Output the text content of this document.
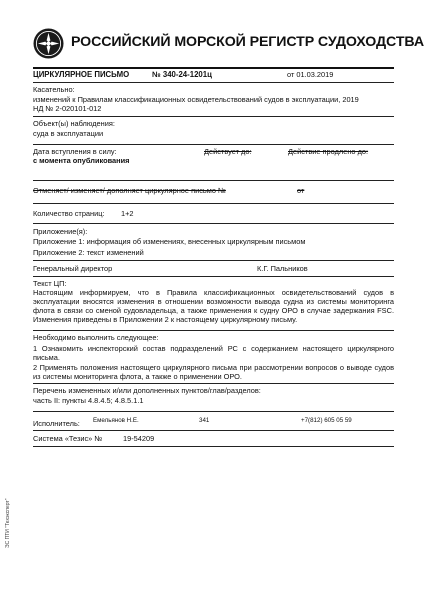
РОССИЙСКИЙ МОРСКОЙ РЕГИСТР СУДОХОДСТВА
ЦИРКУЛЯРНОЕ ПИСЬМО	№ 340-24-1201ц	от 01.03.2019
Касательно:
изменений к Правилам классификационных освидетельствований судов в эксплуатации, 2019
НД № 2-020101-012
Объект(ы) наблюдения:
суда в эксплуатации
Дата вступления в силу:	Действует до:	Действие продлено до:
с момента опубликования
Отменяет/ изменяет/ дополняет циркулярное письмо №	от
Количество страниц: 1+2
Приложение(я):
Приложение 1: информация об изменениях, внесенных циркулярным письмом
Приложение 2: текст изменений
Генеральный директор	К.Г. Пальников
Текст ЦП:
Настоящим информируем, что в Правила классификационных освидетельствований судов в эксплуатации вносятся изменения в отношении возможности вывода судна из системы мониторинга флота в связи со сменой судовладельца, а также применения к судну ОРО в случае задержания FSC. Изменения приведены в Приложении 2 к настоящему циркулярному письму.
Необходимо выполнить следующее:
1 Ознакомить инспекторский состав подразделений РС с содержанием настоящего циркулярного письма.
2 Применять положения настоящего циркулярного письма при рассмотрении вопросов о выводе судов из системы мониторинга флота, а также о применении ОРО.
Перечень измененных и/или дополненных пунктов/глав/разделов:
часть II: пункты 4.8.4.5; 4.8.5.1.1
Исполнитель: Емельянов Н.Е.	341	+7(812) 605 05 59
Система «Тезис» №	19-54209
ЭС ПТИ "Техэксперт"
